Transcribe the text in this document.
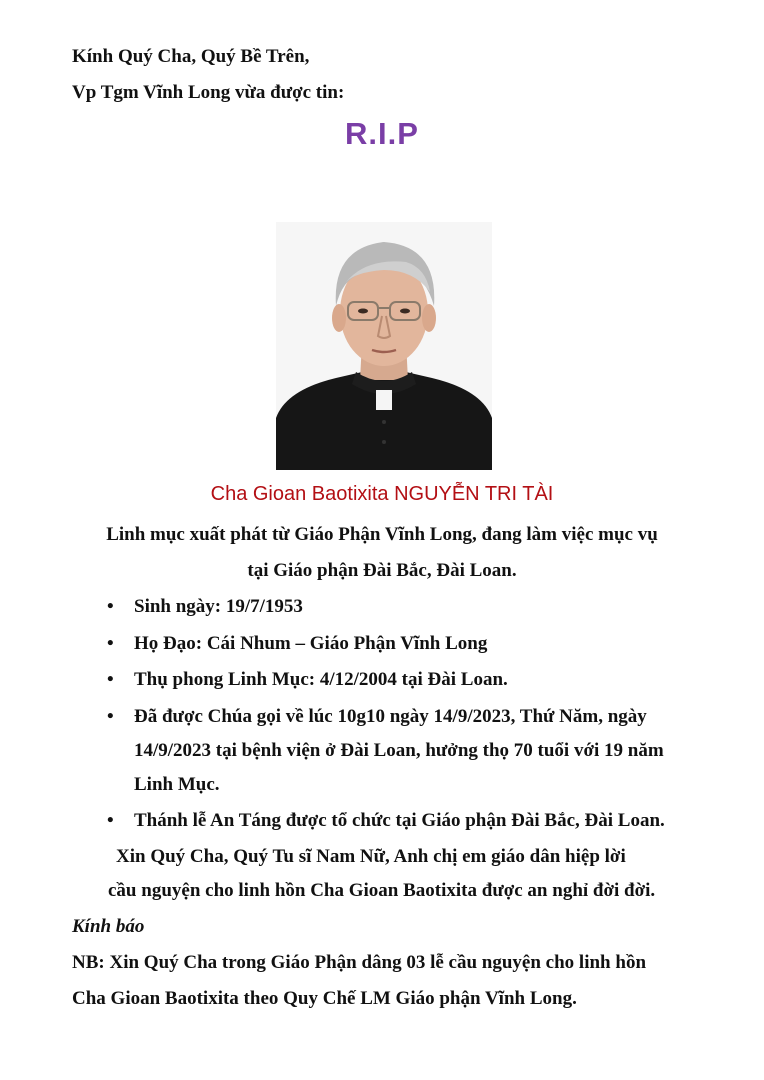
Kính Quý Cha, Quý Bề Trên,
Vp Tgm Vĩnh Long vừa được tin:
R.I.P
Cha Gioan Baotixita NGUYỄN TRI TÀI
Linh mục xuất phát từ Giáo Phận Vĩnh Long, đang làm việc mục vụ
tại Giáo phận Đài Bắc, Đài Loan.
• Sinh ngày: 19/7/1953
• Họ Đạo: Cái Nhum – Giáo Phận Vĩnh Long
• Thụ phong Linh Mục: 4/12/2004 tại Đài Loan.
• Đã được Chúa gọi về lúc 10g10 ngày 14/9/2023, Thứ Năm, ngày
14/9/2023 tại bệnh viện ở Đài Loan, hưởng thọ 70 tuổi với 19 năm
Linh Mục.
• Thánh lễ An Táng được tổ chức tại Giáo phận Đài Bắc, Đài Loan.
Xin Quý Cha, Quý Tu sĩ Nam Nữ, Anh chị em giáo dân hiệp lời
cầu nguyện cho linh hồn Cha Gioan Baotixita được an nghỉ đời đời.
Kính báo
NB: Xin Quý Cha trong Giáo Phận dâng 03 lễ cầu nguyện cho linh hồn
Cha Gioan Baotixita theo Quy Chế LM Giáo phận Vĩnh Long.
